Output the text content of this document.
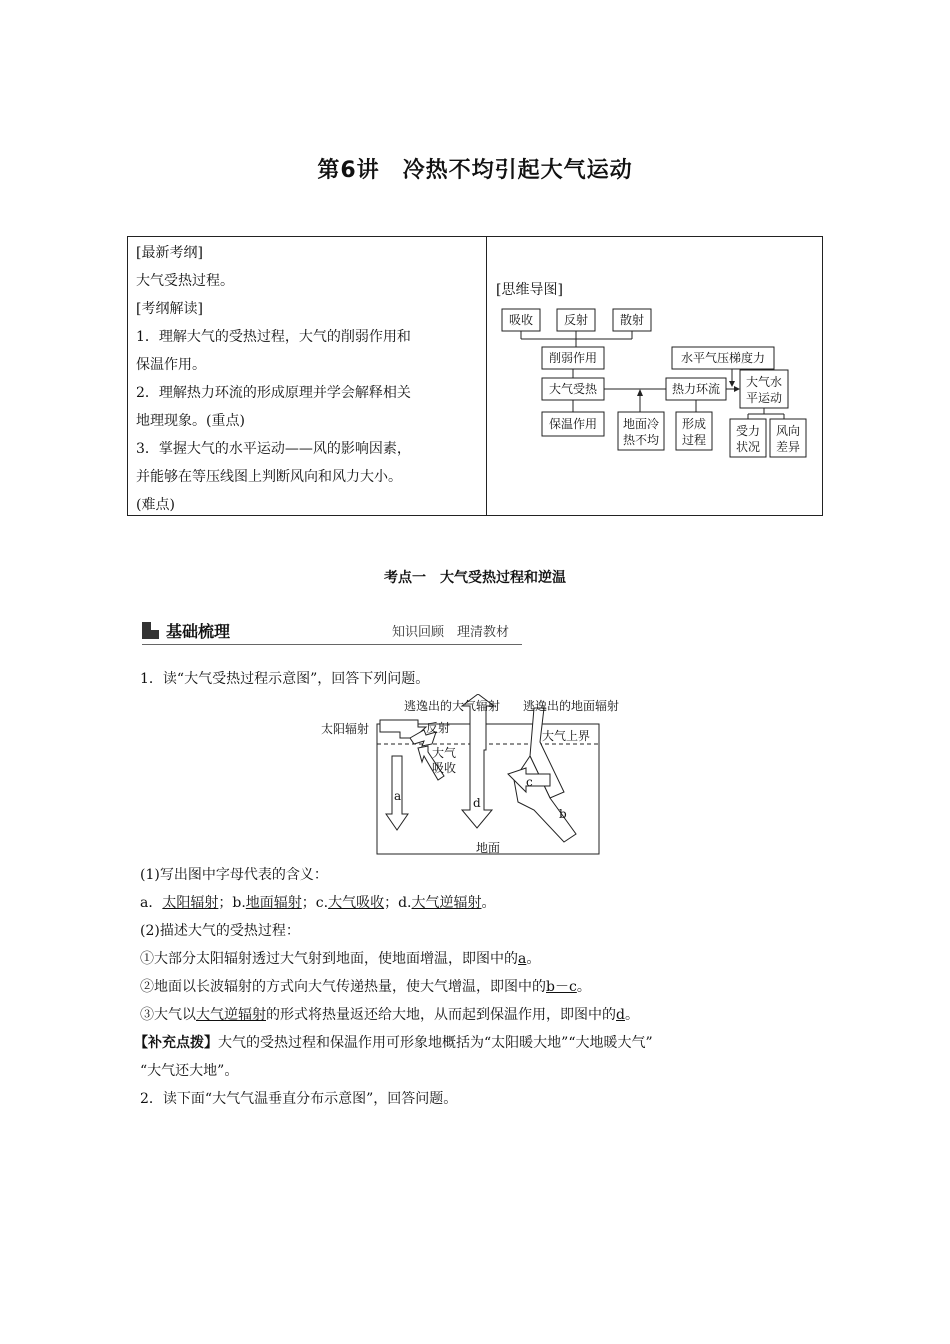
第6讲　冷热不均引起大气运动
[最新考纲]
大气受热过程。
[考纲解读]
1．理解大气的受热过程，大气的削弱作用和
保温作用。
2．理解热力环流的形成原理并学会解释相关
地理现象。(重点)
3．掌握大气的水平运动——风的影响因素，
并能够在等压线图上判断风向和风力大小。
(难点)
[思维导图]
吸收	反射	散射
削弱作用
大气受热
保温作用 地面冷
热不均
热力环流
形成
过程
水平气压梯度力
大气水
平运动
受力
状况
风向
差异
考点一　大气受热过程和逆温
基础梳理	知识回顾　理清教材
1．读“大气受热过程示意图”，回答下列问题。
太阳辐射	反射
大气
吸收
逃逸出的大气辐射 逃逸出的地面辐射
大气上界
地面
a
b
c
d
(1)写出图中字母代表的含义：
a．太阳辐射；b.地面辐射；c.大气吸收；d.大气逆辐射。
(2)描述大气的受热过程：
①大部分太阳辐射透过大气射到地面，使地面增温，即图中的a。
②地面以长波辐射的方式向大气传递热量，使大气增温，即图中的b－c。
③大气以大气逆辐射的形式将热量返还给大地，从而起到保温作用，即图中的d。
【补充点拨】大气的受热过程和保温作用可形象地概括为“太阳暖大地”“大地暖大气”
“大气还大地”。
2．读下面“大气气温垂直分布示意图”，回答问题。
